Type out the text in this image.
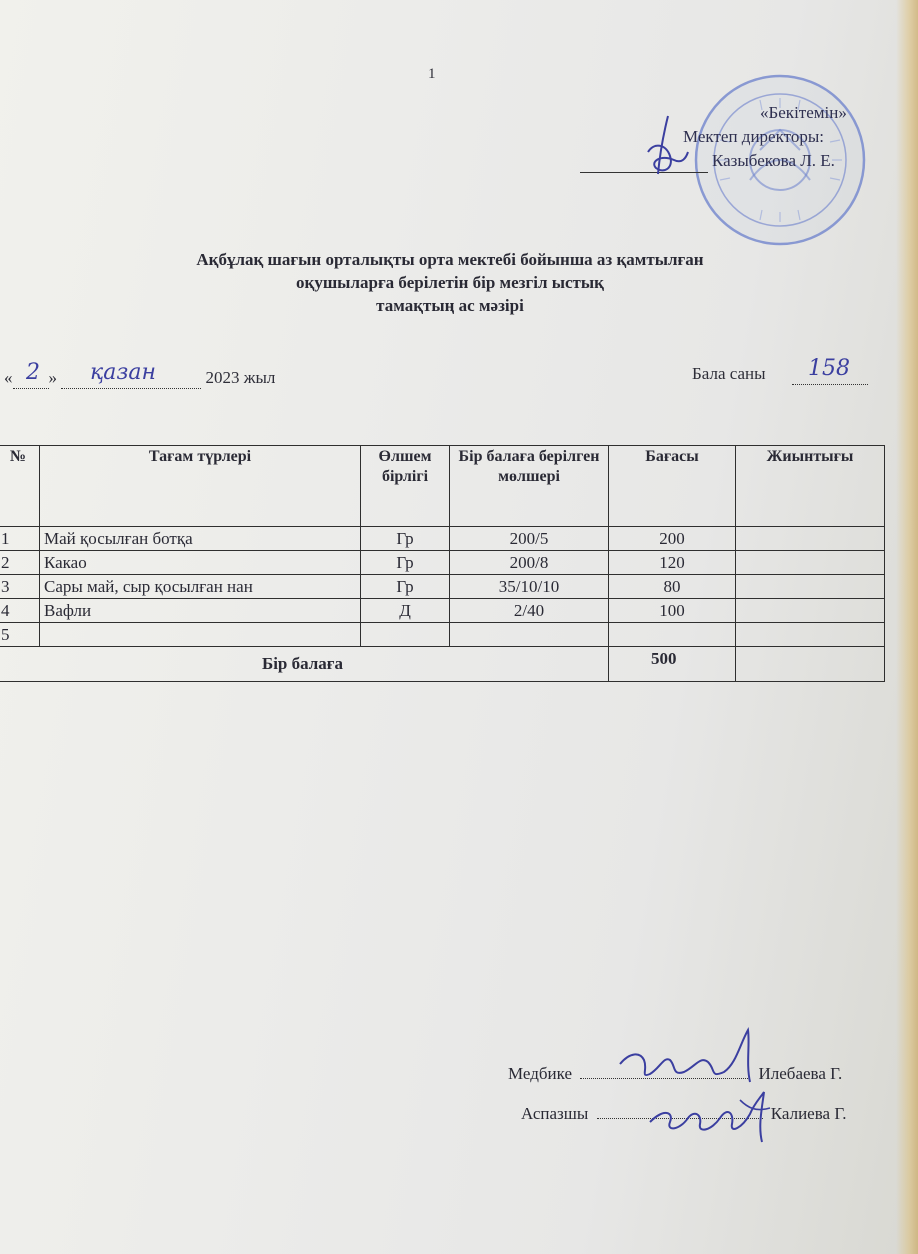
1
«Бекітемін»
Мектеп директоры:
Казыбекова Л. Е.
Ақбұлақ шағын орталықты орта мектебі бойынша аз қамтылған
оқушыларға берілетін бір мезгіл ыстық
тамақтың ас мәзірі
« »	2023 жыл
2 қазан	Бала саны 158
№	Тағам түрлері	Өлшем бірлігі	Бір балаға берілген мөлшері	Бағасы	Жиынтығы
1	Май қосылған ботқа	Гр	200/5	200	
2	Какао	Гр	200/8	120	
3	Сары май, сыр қосылған нан	Гр	35/10/10	80	
4	Вафли	Д	2/40	100	
5					
Бір балаға				500	
Медбике	Илебаева Г.
Аспазшы	Калиева Г.
